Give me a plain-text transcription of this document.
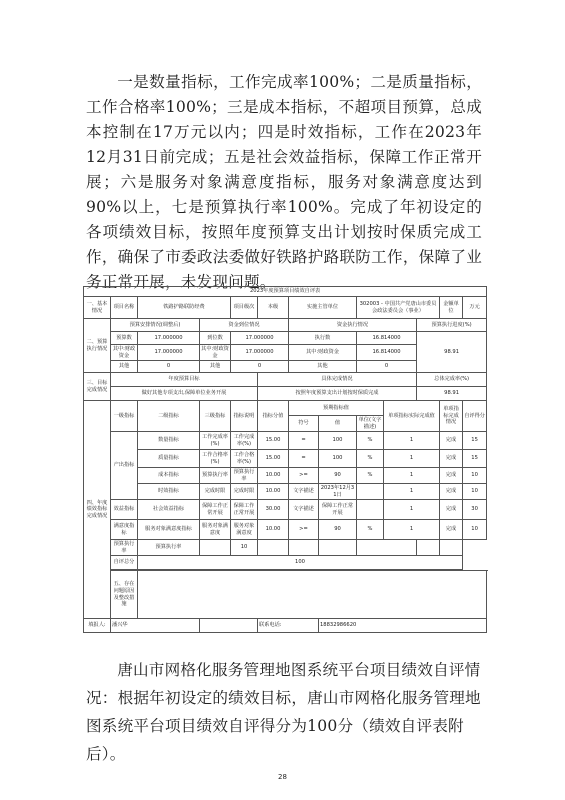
一是数量指标，工作完成率100%；二是质量指标，工作合格率100%；三是成本指标，不超项目预算，总成本控制在17万元以内；四是时效指标，工作在2023年12月31日前完成；五是社会效益指标，保障工作正常开展；六是服务对象满意度指标，服务对象满意度达到90%以上，七是预算执行率100%。完成了年初设定的各项绩效目标，按照年度预算支出计划按时保质完成工作，确保了市委政法委做好铁路护路联防工作，保障了业务正常开展，未发现问题。

2023年度预算项目绩效自评表												
一、基本情况	项目名称	铁路护路联防经费		项目级次	本级	实施主管单位		302003 - 中国共产党唐山市委员会政法委员会（事业）			金额单位	万元
二、预算执行情况	预算安排情况(调整后)		资金到位情况			资金执行情况				预算执行进度(%)		
	预算数	17.000000	到位数	17.000000		执行数		16.814000		98.91		
	其中:财政资金	17.000000	其中:财政资金	17.000000		其中:财政资金		16.814000				
	其他	0	其他	0		其他		0				
三、目标完成情况	年度预算目标				具体完成情况					总体完成率(%)		
	做好其他专项支出,保障单位业务开展				按照年度预算支出计划按时保质完成					98.91		
四、年度绩效指标完成情况	一级指标	二级指标	三级指标	指标说明	指标分值	预期指标值			单项指标实际完成值		单项指标完成情况	自评得分
						符号	值	单位(文字描述)				
	产出指标	数量指标	工作完成率(%)	工作完成率(%)	15.00	=	100	%	1		完成	15
		质量指标	工作合格率(%)	工作合格率(%)	15.00	=	100	%	1		完成	15
		成本指标	预算执行率	预算执行率	10.00	>=	90	%	1		完成	10
		时效指标	完成时限	完成时限	10.00	文字描述	2023年12月31日		1		完成	10
	效益指标	社会效益指标	保障工作正常开展	保障工作正常开展	30.00	文字描述	保障工作正常开展		1		完成	30
	满意度指标	服务对象满意度指标	服务对象满意度	服务对象满意度	10.00	>=	90	%	1		完成	10
	预算执行率	预算执行率		10								
	自评总分	100										

	五、存在问题原因及整改措施											
填报人:	潘兴华				联系电话:		18832986620					

唐山市网格化服务管理地图系统平台项目绩效自评情况：根据年初设定的绩效目标，唐山市网格化服务管理地图系统平台项目绩效自评得分为100分（绩效自评表附后）。

28
